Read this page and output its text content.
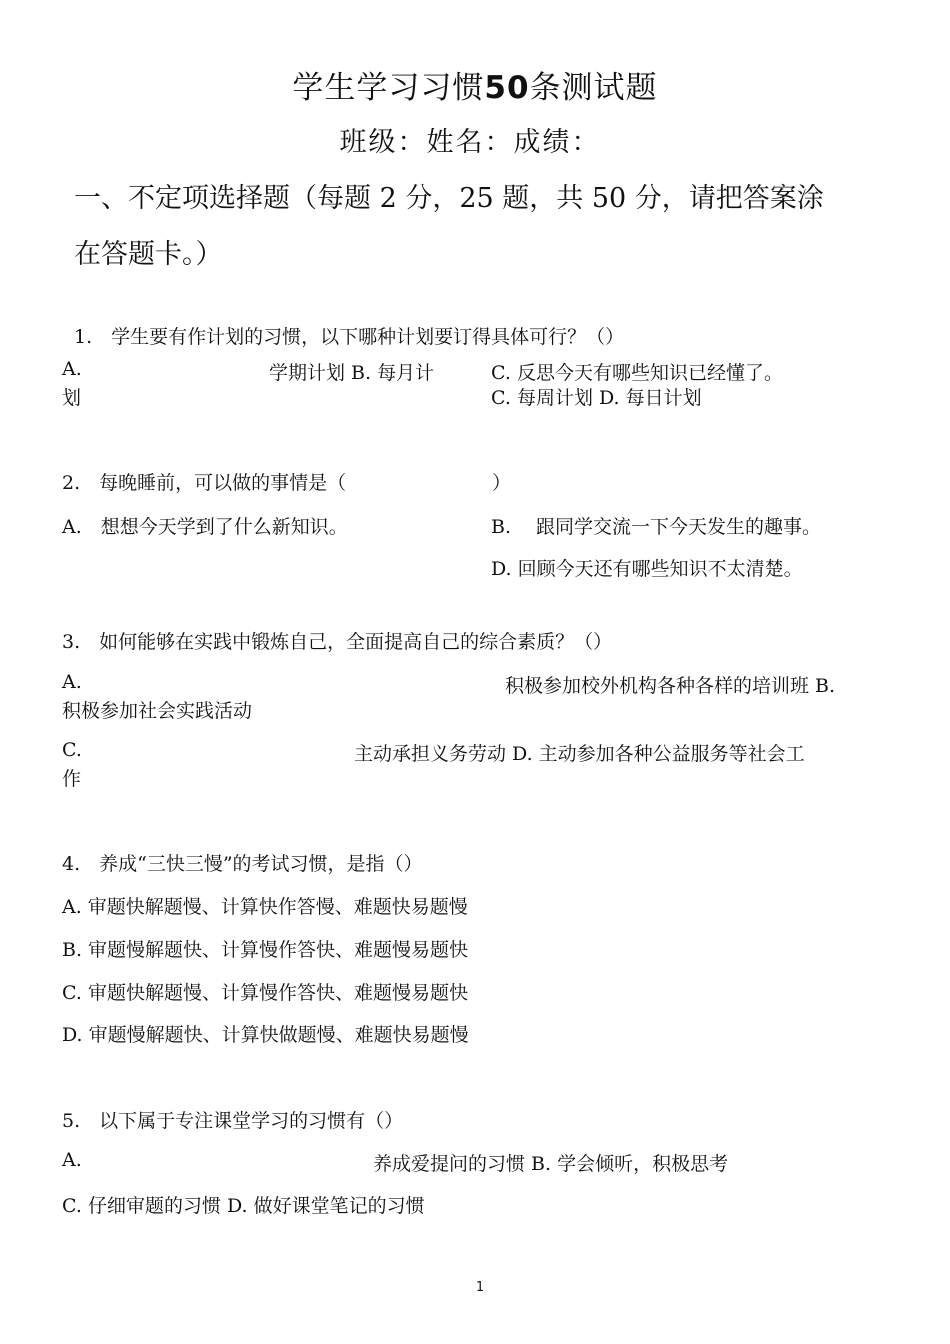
学生学习习惯50条测试题
班级：姓名：成绩：
一、不定项选择题（每题 2 分，25 题，共 50 分，请把答案涂
在答题卡。）
1.　学生要有作计划的习惯，以下哪种计划要订得具体可行？（）
A.	学期计划 B. 每月计
划
C. 反思今天有哪些知识已经懂了。
C. 每周计划 D. 每日计划
2.　每晚睡前，可以做的事情是（	）
A.　想想今天学到了什么新知识。	B.　 跟同学交流一下今天发生的趣事。
D. 回顾今天还有哪些知识不太清楚。
3.　如何能够在实践中锻炼自己，全面提高自己的综合素质？（）
A.	积极参加校外机构各种各样的培训班 B.
积极参加社会实践活动
C.	主动承担义务劳动 D. 主动参加各种公益服务等社会工
作
4.　养成“三快三慢”的考试习惯，是指（）
A. 审题快解题慢、计算快作答慢、难题快易题慢
B. 审题慢解题快、计算慢作答快、难题慢易题快
C. 审题快解题慢、计算慢作答快、难题慢易题快
D. 审题慢解题快、计算快做题慢、难题快易题慢
5.　以下属于专注课堂学习的习惯有（）
A.	养成爱提问的习惯 B. 学会倾听，积极思考
C. 仔细审题的习惯 D. 做好课堂笔记的习惯
1
